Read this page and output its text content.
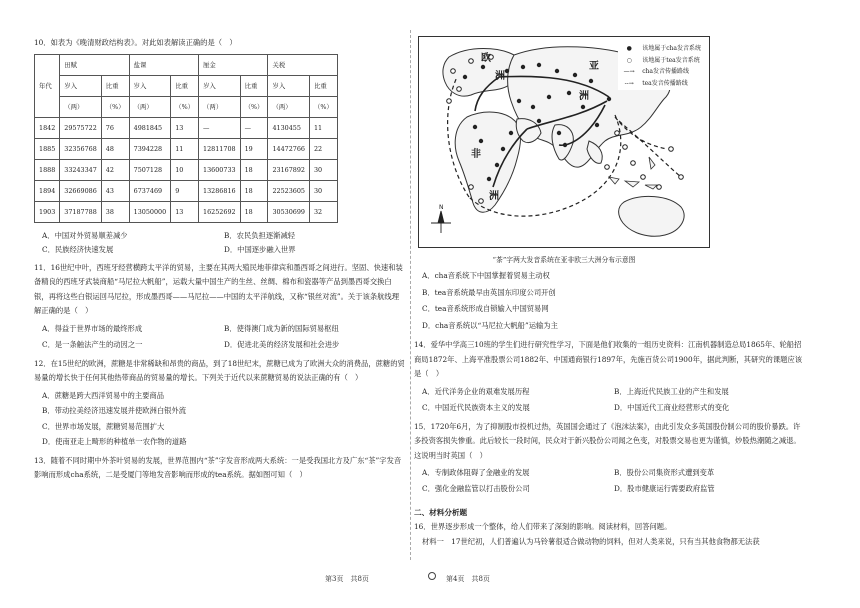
10．如表为《晚清财政结构表》。对此如表解读正确的是（　）

年代	田赋		盐课		厘金		关税	
	岁入	比重	岁入	比重	岁入	比重	岁入	比重
	（两）	（%）	（两）	（%）	（两）	（%）	（两）	（%）
1842	29575722	76	4981845	13	—	—	4130455	11
1885	32356768	48	7394228	11	12811708	19	14472766	22
1888	33243347	42	7507128	10	13600733	18	23167892	30
1894	32669086	43	6737469	9	13286816	18	22523605	30
1903	37187788	38	13050000	13	16252692	18	30530699	32
A．中国对外贸易顺差减少	B．农民负担逐渐减轻
C．民族经济快速发展	D．中国逐步融入世界

11．16世纪中叶，西班牙经营横跨太平洋的贸易，主要在其两大殖民地菲律宾和墨西哥之间进行。坚固、快速和装备精良的西班牙武装商船“马尼拉大帆船”，运载大量中国生产的生丝、丝绸、棉布和瓷器等产品到墨西哥交换白银，再将这些白银运回马尼拉，形成墨西哥——马尼拉——中国的太平洋航线，又称“银丝对流”。关于该条航线理解正确的是（　）

A．得益于世界市场的最终形成	B．使得澳门成为新的国际贸易枢纽
C．是一条触法产生的动因之一	D．促进北美的经济发展和社会进步

12．在15世纪的欧洲，蔗糖是非常稀缺和昂贵的商品，到了18世纪末，蔗糖已成为了欧洲大众的消费品，蔗糖的贸易量的增长快于任何其他热带商品的贸易量的增长。下列关于近代以来蔗糖贸易的说法正确的有（　）

A．蔗糖是跨大西洋贸易中的主要商品
B．带动拉美经济迅速发展并使欧洲白银外流
C．世界市场发展，蔗糖贸易范围扩大
D．使南亚走上畸形的种植单一农作物的道路

13．随着不同时期中外茶叶贸易的发展，世界范围内“茶”字发音形成两大系统：一是受我国北方及广东“茶”字发音影响而形成cha系统，二是受厦门等地发音影响而形成的tea系统。据如图可知（　）

N
亚
洲
欧
洲
非
洲
●	该地属于cha发音系统
○	该地属于tea发音系统
—→	cha发音传播路线
--→	tea发音传播路线
“茶”字两大发音系统在亚非欧三大洲分布示意图
A．cha音系统下中国掌握着贸易主动权
B．tea音系统最早由英国东印度公司开创
C．tea音系统形成自锁输入中国贸易网
D．cha音系统以“马尼拉大帆船”运输为主

14．爱华中学高三10班的学生们进行研究性学习，下面是他们收集的一组历史资料：江南机器制造总局1865年、轮船招商局1872年、上海平准股票公司1882年、中国通商银行1897年，先施百货公司1900年，据此判断，其研究的课题应该是（　）

A．近代洋务企业的艰难发展历程	B．上海近代民族工业的产生和发展
C．中国近代民族资本主义的发展	D．中国近代工商业经营形式的变化

15．1720年6月，为了抑制股市投机过热，英国国会通过了《泡沫法案》，由此引发众多英国股份制公司的股价暴跌。许多投资客损失惨重。此后较长一段时间，民众对于新兴股份公司闻之色变，对股票交易也更为谨慎，炒股热潮随之减退。这说明当时英国（　）

A．专制政体阻碍了金融业的发展	B．股份公司集资形式遭到变革
C．强化金融监管以打击股份公司	D．股市健康运行需要政府监管
二、材料分析题

16．世界逐步形成一个整体，给人们带来了深刻的影响。阅读材料，回答问题。

材料一　17世纪初，人们普遍认为马铃薯很适合做动物的饲料，但对人类来说，只有当其他食物都无法获

第3页　共8页	第4页　共8页
